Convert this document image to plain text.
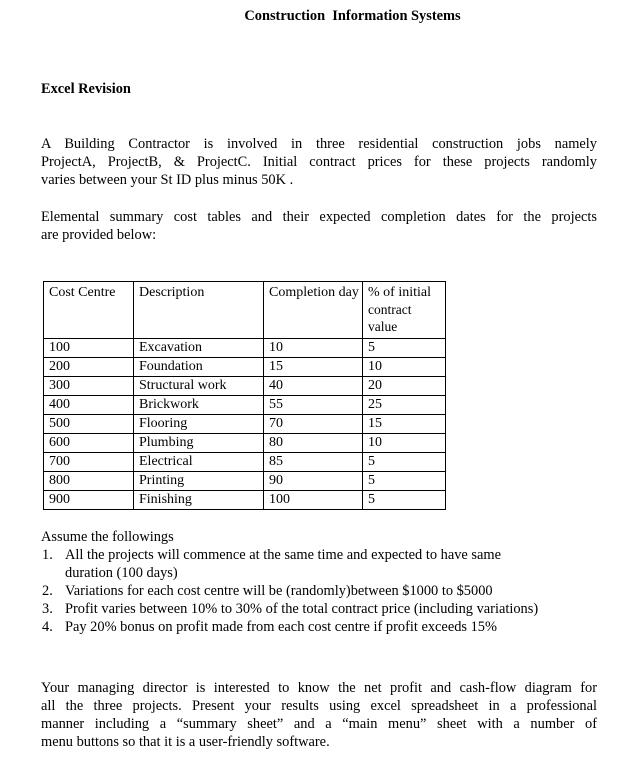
Construction  Information Systems
Excel Revision

A Building Contractor is involved in three residential construction jobs namely

ProjectA, ProjectB, & ProjectC. Initial contract prices for these projects randomly

varies between your St ID plus minus 50K .

Elemental summary cost tables and their expected completion dates for the projects

are provided below:

Cost Centre	Description	Completion day	% of initial
contract
value

100	Excavation	10	5
200	Foundation	15	10
300	Structural work	40	20
400	Brickwork	55	25
500	Flooring	70	15
600	Plumbing	80	10
700	Electrical	85	5
800	Printing	90	5
900	Finishing	100	5

Assume the followings

1. All the projects will commence at the same time and expected to have same
duration (100 days)
2. Variations for each cost centre will be (randomly)between $1000 to $5000
3. Profit varies between 10% to 30% of the total contract price (including variations)
4. Pay 20% bonus on profit made from each cost centre if profit exceeds 15%

Your managing director is interested to know the net profit and cash-flow diagram for

all the three projects. Present your results using excel spreadsheet in a professional

manner including a “summary sheet” and a “main menu” sheet with a number of

menu buttons so that it is a user-friendly software.
